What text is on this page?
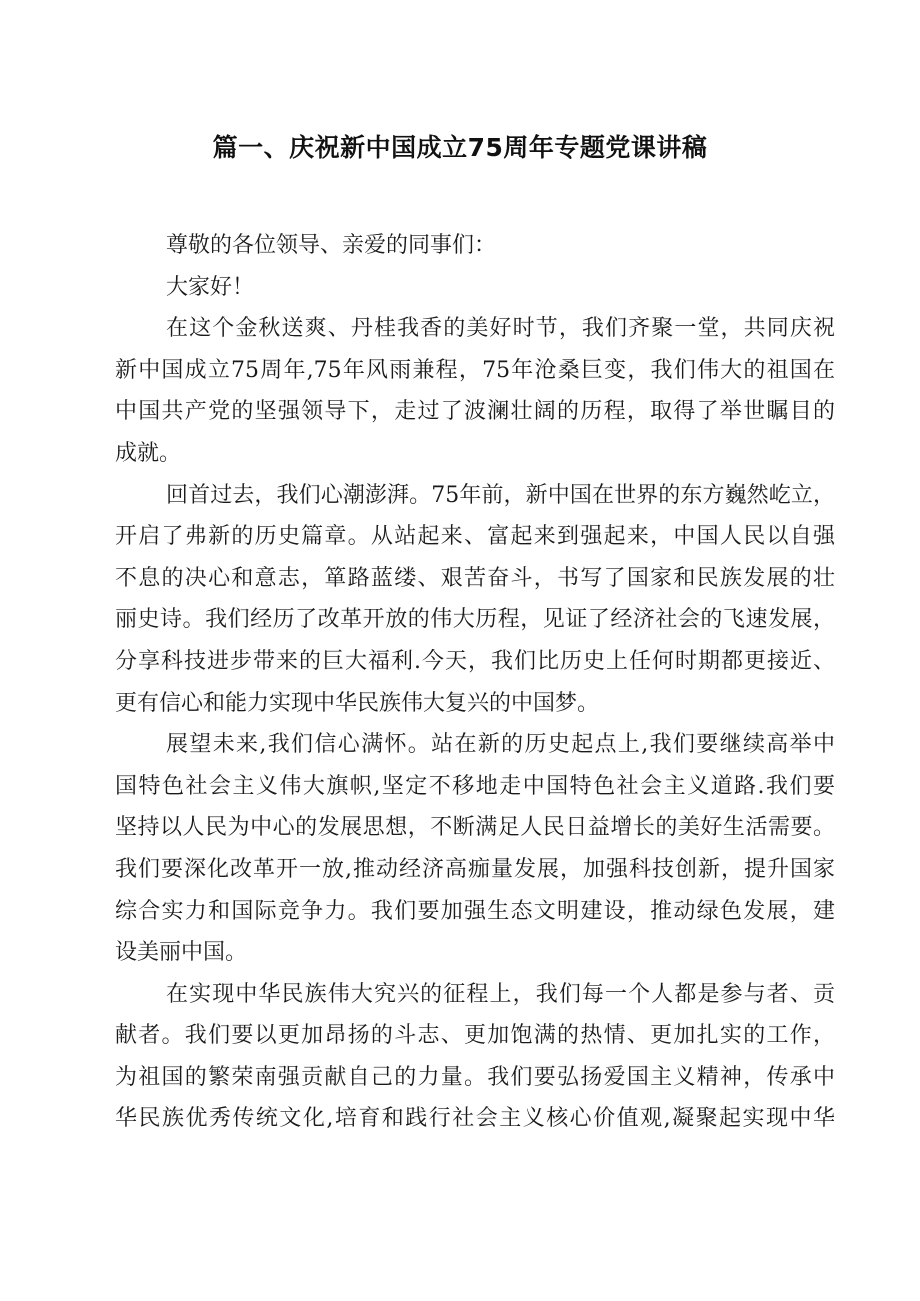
篇一、庆祝新中国成立75周年专题党课讲稿
尊敬的各位领导、亲爱的同事们：
大家好！
在这个金秋送爽、丹桂我香的美好时节，我们齐聚一堂，共同庆祝
新中国成立75周年,75年风雨兼程，75年沧桑巨变，我们伟大的祖国在
中国共产党的坚强领导下，走过了波澜壮阔的历程，取得了举世瞩目的
成就。
回首过去，我们心潮澎湃。75年前，新中国在世界的东方巍然屹立，
开启了弗新的历史篇章。从站起来、富起来到强起来，中国人民以自强
不息的决心和意志，箪路蓝缕、艰苦奋斗，书写了国家和民族发展的壮
丽史诗。我们经历了改革开放的伟大历程，见证了经济社会的飞速发展，
分享科技进步带来的巨大福利.今天，我们比历史上任何时期都更接近、
更有信心和能力实现中华民族伟大复兴的中国梦。
展望未来,我们信心满怀。站在新的历史起点上,我们要继续高举中
国特色社会主义伟大旗帜,坚定不移地走中国特色社会主义道路.我们要
坚持以人民为中心的发展思想，不断满足人民日益增长的美好生活需要。
我们要深化改革开一放,推动经济高痂量发展，加强科技创新，提升国家
综合实力和国际竞争力。我们要加强生态文明建设，推动绿色发展，建
设美丽中国。
在实现中华民族伟大究兴的征程上，我们每一个人都是参与者、贡
献者。我们要以更加昂扬的斗志、更加饱满的热情、更加扎实的工作，
为祖国的繁荣南强贡献自己的力量。我们要弘扬爱国主义精神，传承中
华民族优秀传统文化,培育和践行社会主义核心价值观,凝聚起实现中华
